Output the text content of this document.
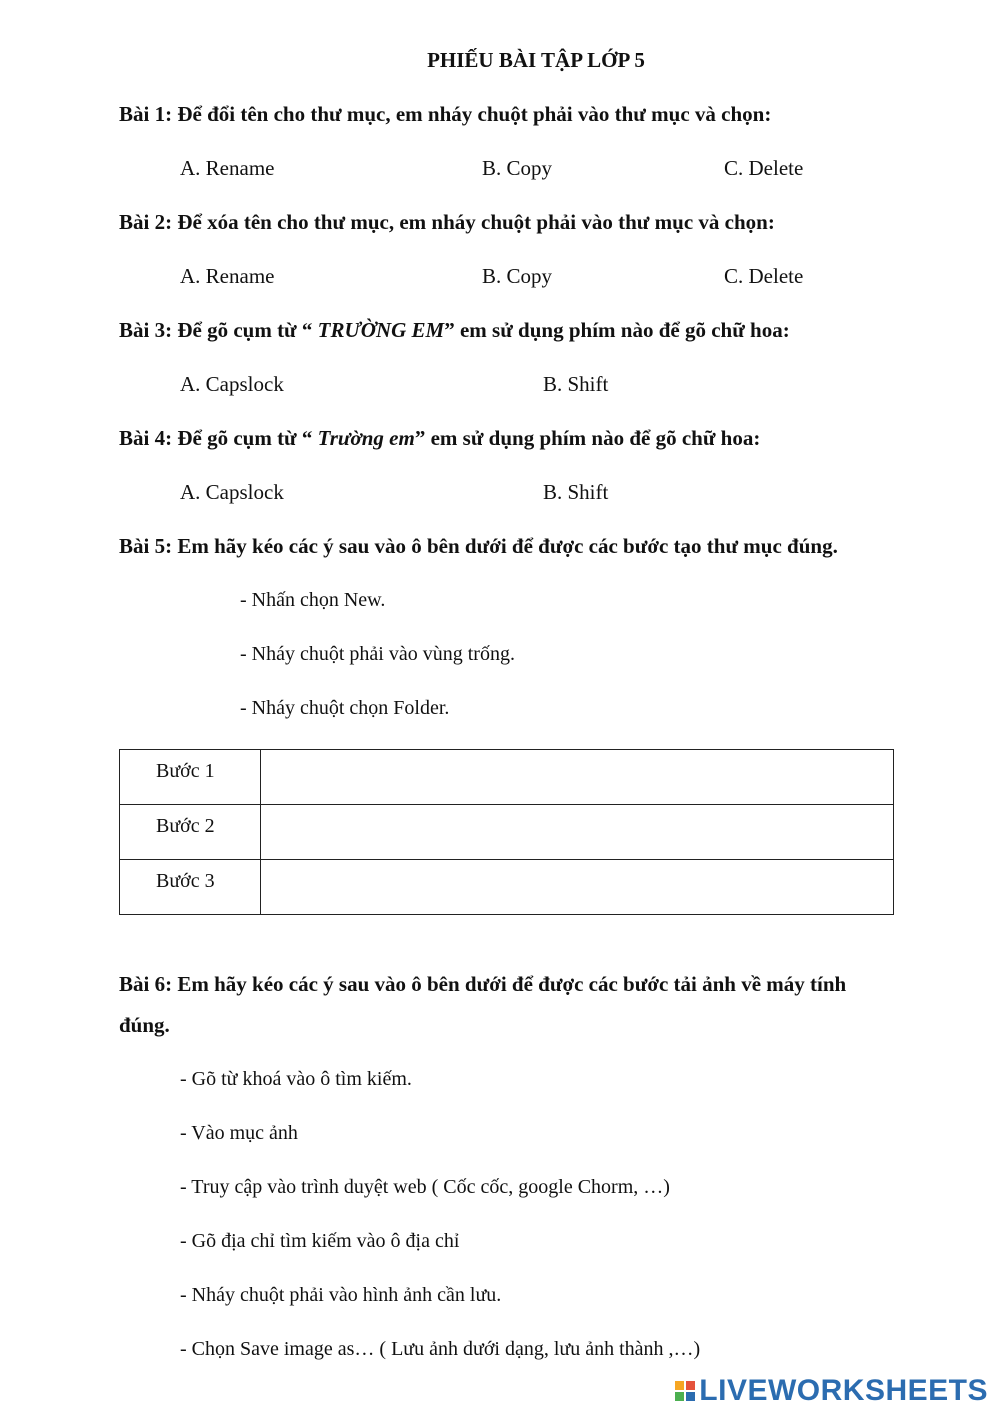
PHIẾU BÀI TẬP LỚP 5
Bài 1: Để đổi tên cho thư mục, em nháy chuột phải vào thư mục và chọn:
A. Rename	B. Copy	C. Delete
Bài 2: Để xóa tên cho thư mục, em nháy chuột phải vào thư mục và chọn:
A. Rename	B. Copy	C. Delete
Bài 3: Để gõ cụm từ “ TRƯỜNG EM” em sử dụng phím nào để gõ chữ hoa:
A. Capslock	B. Shift
Bài 4: Để gõ cụm từ “ Trường em” em sử dụng phím nào để gõ chữ hoa:
A. Capslock	B. Shift
Bài 5: Em hãy kéo các ý sau vào ô bên dưới để được các bước tạo thư mục đúng.
- Nhấn chọn New.
- Nháy chuột phải vào vùng trống.
- Nháy chuột chọn Folder.
Bước 1	
Bước 2	
Bước 3	
Bài 6: Em hãy kéo các ý sau vào ô bên dưới để được các bước tải ảnh về máy tính
đúng.
- Gõ từ khoá vào ô tìm kiếm.
- Vào mục ảnh
- Truy cập vào trình duyệt web ( Cốc cốc, google Chorm, …)
- Gõ địa chỉ tìm kiếm vào ô địa chỉ
- Nháy chuột phải vào hình ảnh cần lưu.
- Chọn Save image as… ( Lưu ảnh dưới dạng, lưu ảnh thành ,…)
LIVEWORKSHEETS
